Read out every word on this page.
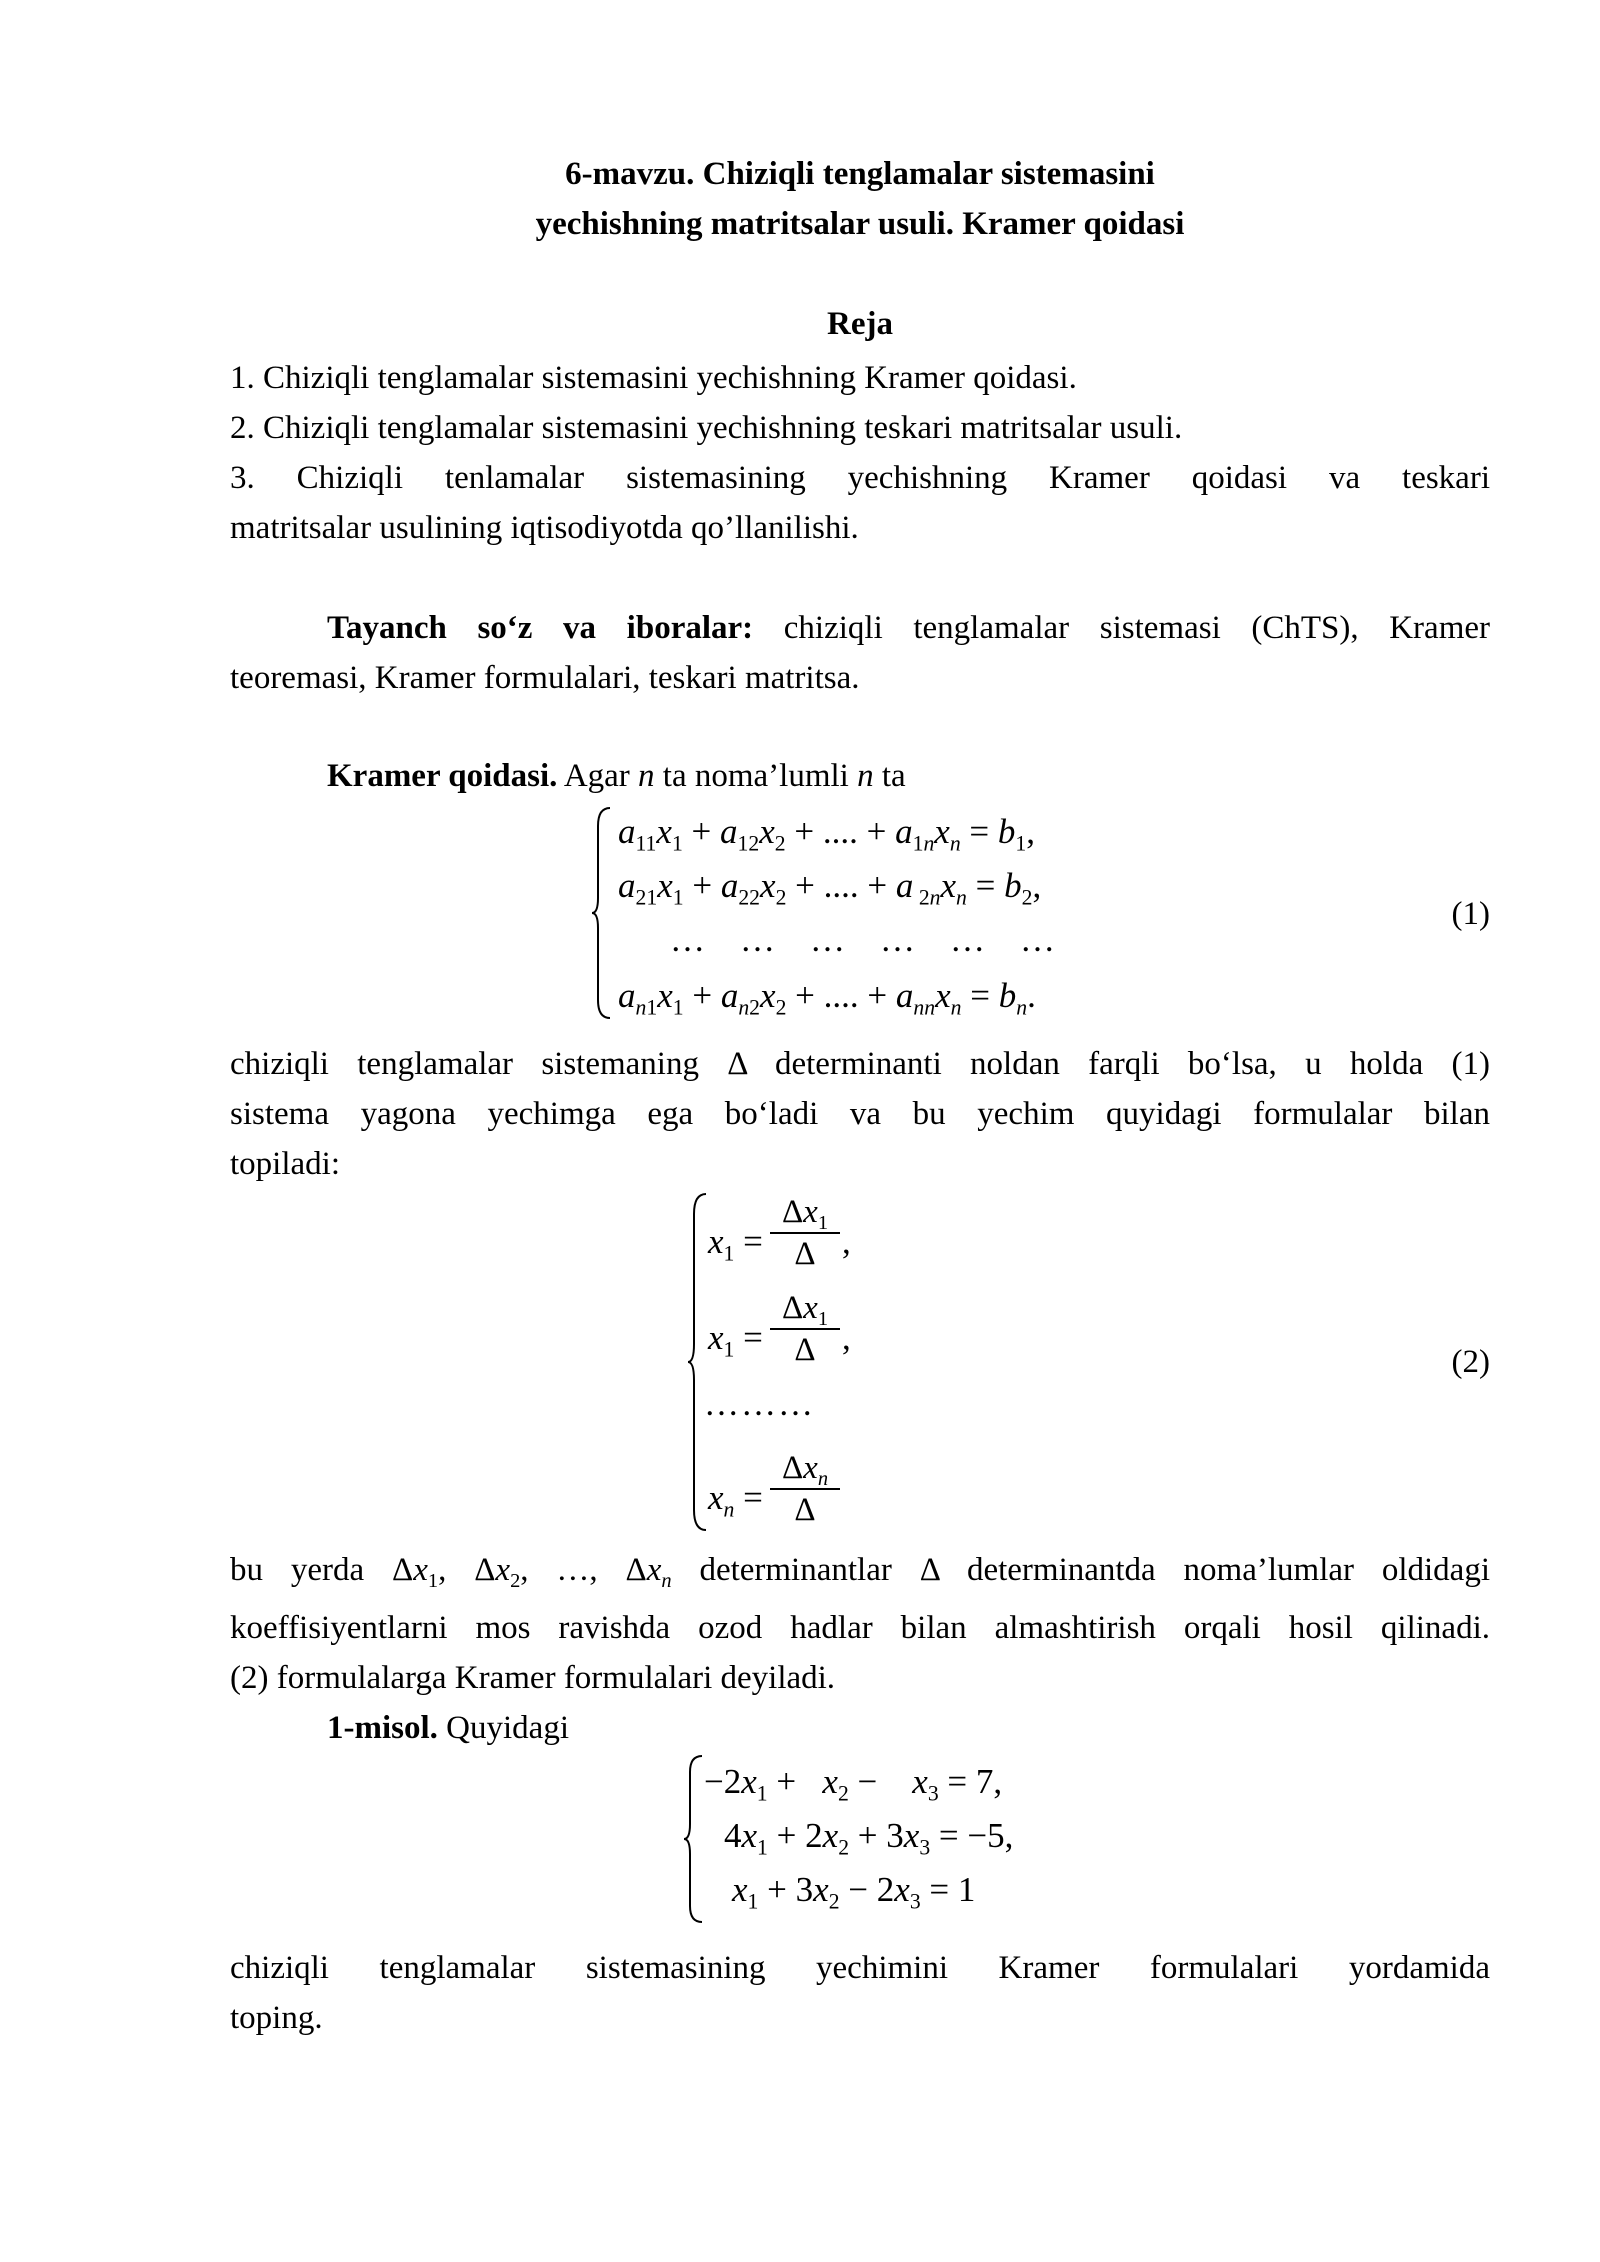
6-mavzu. Chiziqli tenglamalar sistemasini
yechishning matritsalar usuli. Kramer qoidasi
Reja
1. Chiziqli tenglamalar sistemasini yechishning Kramer qoidasi.
2. Chiziqli tenglamalar sistemasini yechishning teskari matritsalar usuli.
3. Chiziqli tenlamalar sistemasining yechishning Kramer qoidasi va teskari
matritsalar usulining iqtisodiyotda qo’llanilishi.
Tayanch so‘z va iboralar: chiziqli tenglamalar sistemasi (ChTS), Kramer
teoremasi, Kramer formulalari, teskari matritsa.
Kramer qoidasi. Agar n ta noma’lumli n ta
$a_{11}x_1 + a_{12}x_2$ + .... + $a_{1n}x_n = b_1$,
$a_{21}x_1 + a_{22}x_2$ + .... + a $_{2n}x_n = b_2$,
…    …    …    …    …    …
$a_{n1}x_1 + a_{n2}x_2$ + .... + $a_{nn}x_n = b_n$.
(1)
chiziqli tenglamalar sistemaning Δ determinanti noldan farqli bo‘lsa, u holda (1)
sistema yagona yechimga ega bo‘ladi va bu yechim quyidagi formulalar bilan
topiladi:
$x_1 = \frac{\Delta x_1}{\Delta}$ ,
$x_1 = \frac{\Delta x_1}{\Delta}$ ,
(2)
………
$x_n$ =
$\Delta x_n$
Δ
bu yerda $\Delta x_1$, $\Delta x_2$, …, $\Delta x_n$ determinantlar Δ determinantda noma’lumlar oldidagi
koeffisiyentlarni mos ravishda ozod hadlar bilan almashtirish orqali hosil qilinadi.
(2) formulalarga Kramer formulalari deyiladi.
1-misol. Quyidagi
$-2x_1 + x_2$ −    $x_3 = 7$,
$4x_1 + 2x_2 + 3x_3 = -5$,
$x_1 + 3x_2 - 2x_3 = 1$
chiziqli tenglamalar sistemasining yechimini Kramer formulalari yordamida
toping.
